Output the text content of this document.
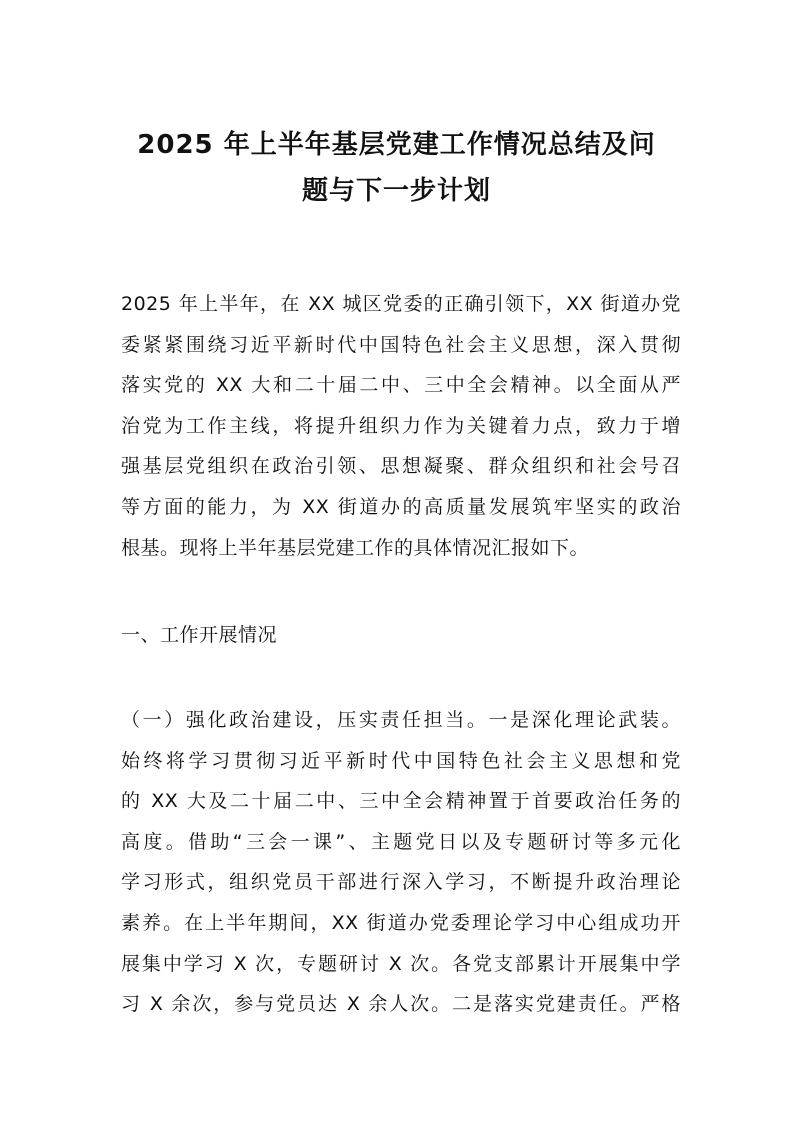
2025 年上半年基层党建工作情况总结及问
题与下一步计划
2025 年上半年，在 XX 城区党委的正确引领下，XX 街道办党
委紧紧围绕习近平新时代中国特色社会主义思想，深入贯彻
落实党的 XX 大和二十届二中、三中全会精神。以全面从严
治党为工作主线，将提升组织力作为关键着力点，致力于增
强基层党组织在政治引领、思想凝聚、群众组织和社会号召
等方面的能力，为 XX 街道办的高质量发展筑牢坚实的政治
根基。现将上半年基层党建工作的具体情况汇报如下。
一、工作开展情况
（一）强化政治建设，压实责任担当。一是深化理论武装。
始终将学习贯彻习近平新时代中国特色社会主义思想和党
的 XX 大及二十届二中、三中全会精神置于首要政治任务的
高度。借助“三会一课”、主题党日以及专题研讨等多元化
学习形式，组织党员干部进行深入学习，不断提升政治理论
素养。在上半年期间，XX 街道办党委理论学习中心组成功开
展集中学习 X 次，专题研讨 X 次。各党支部累计开展集中学
习 X 余次，参与党员达 X 余人次。二是落实党建责任。严格
